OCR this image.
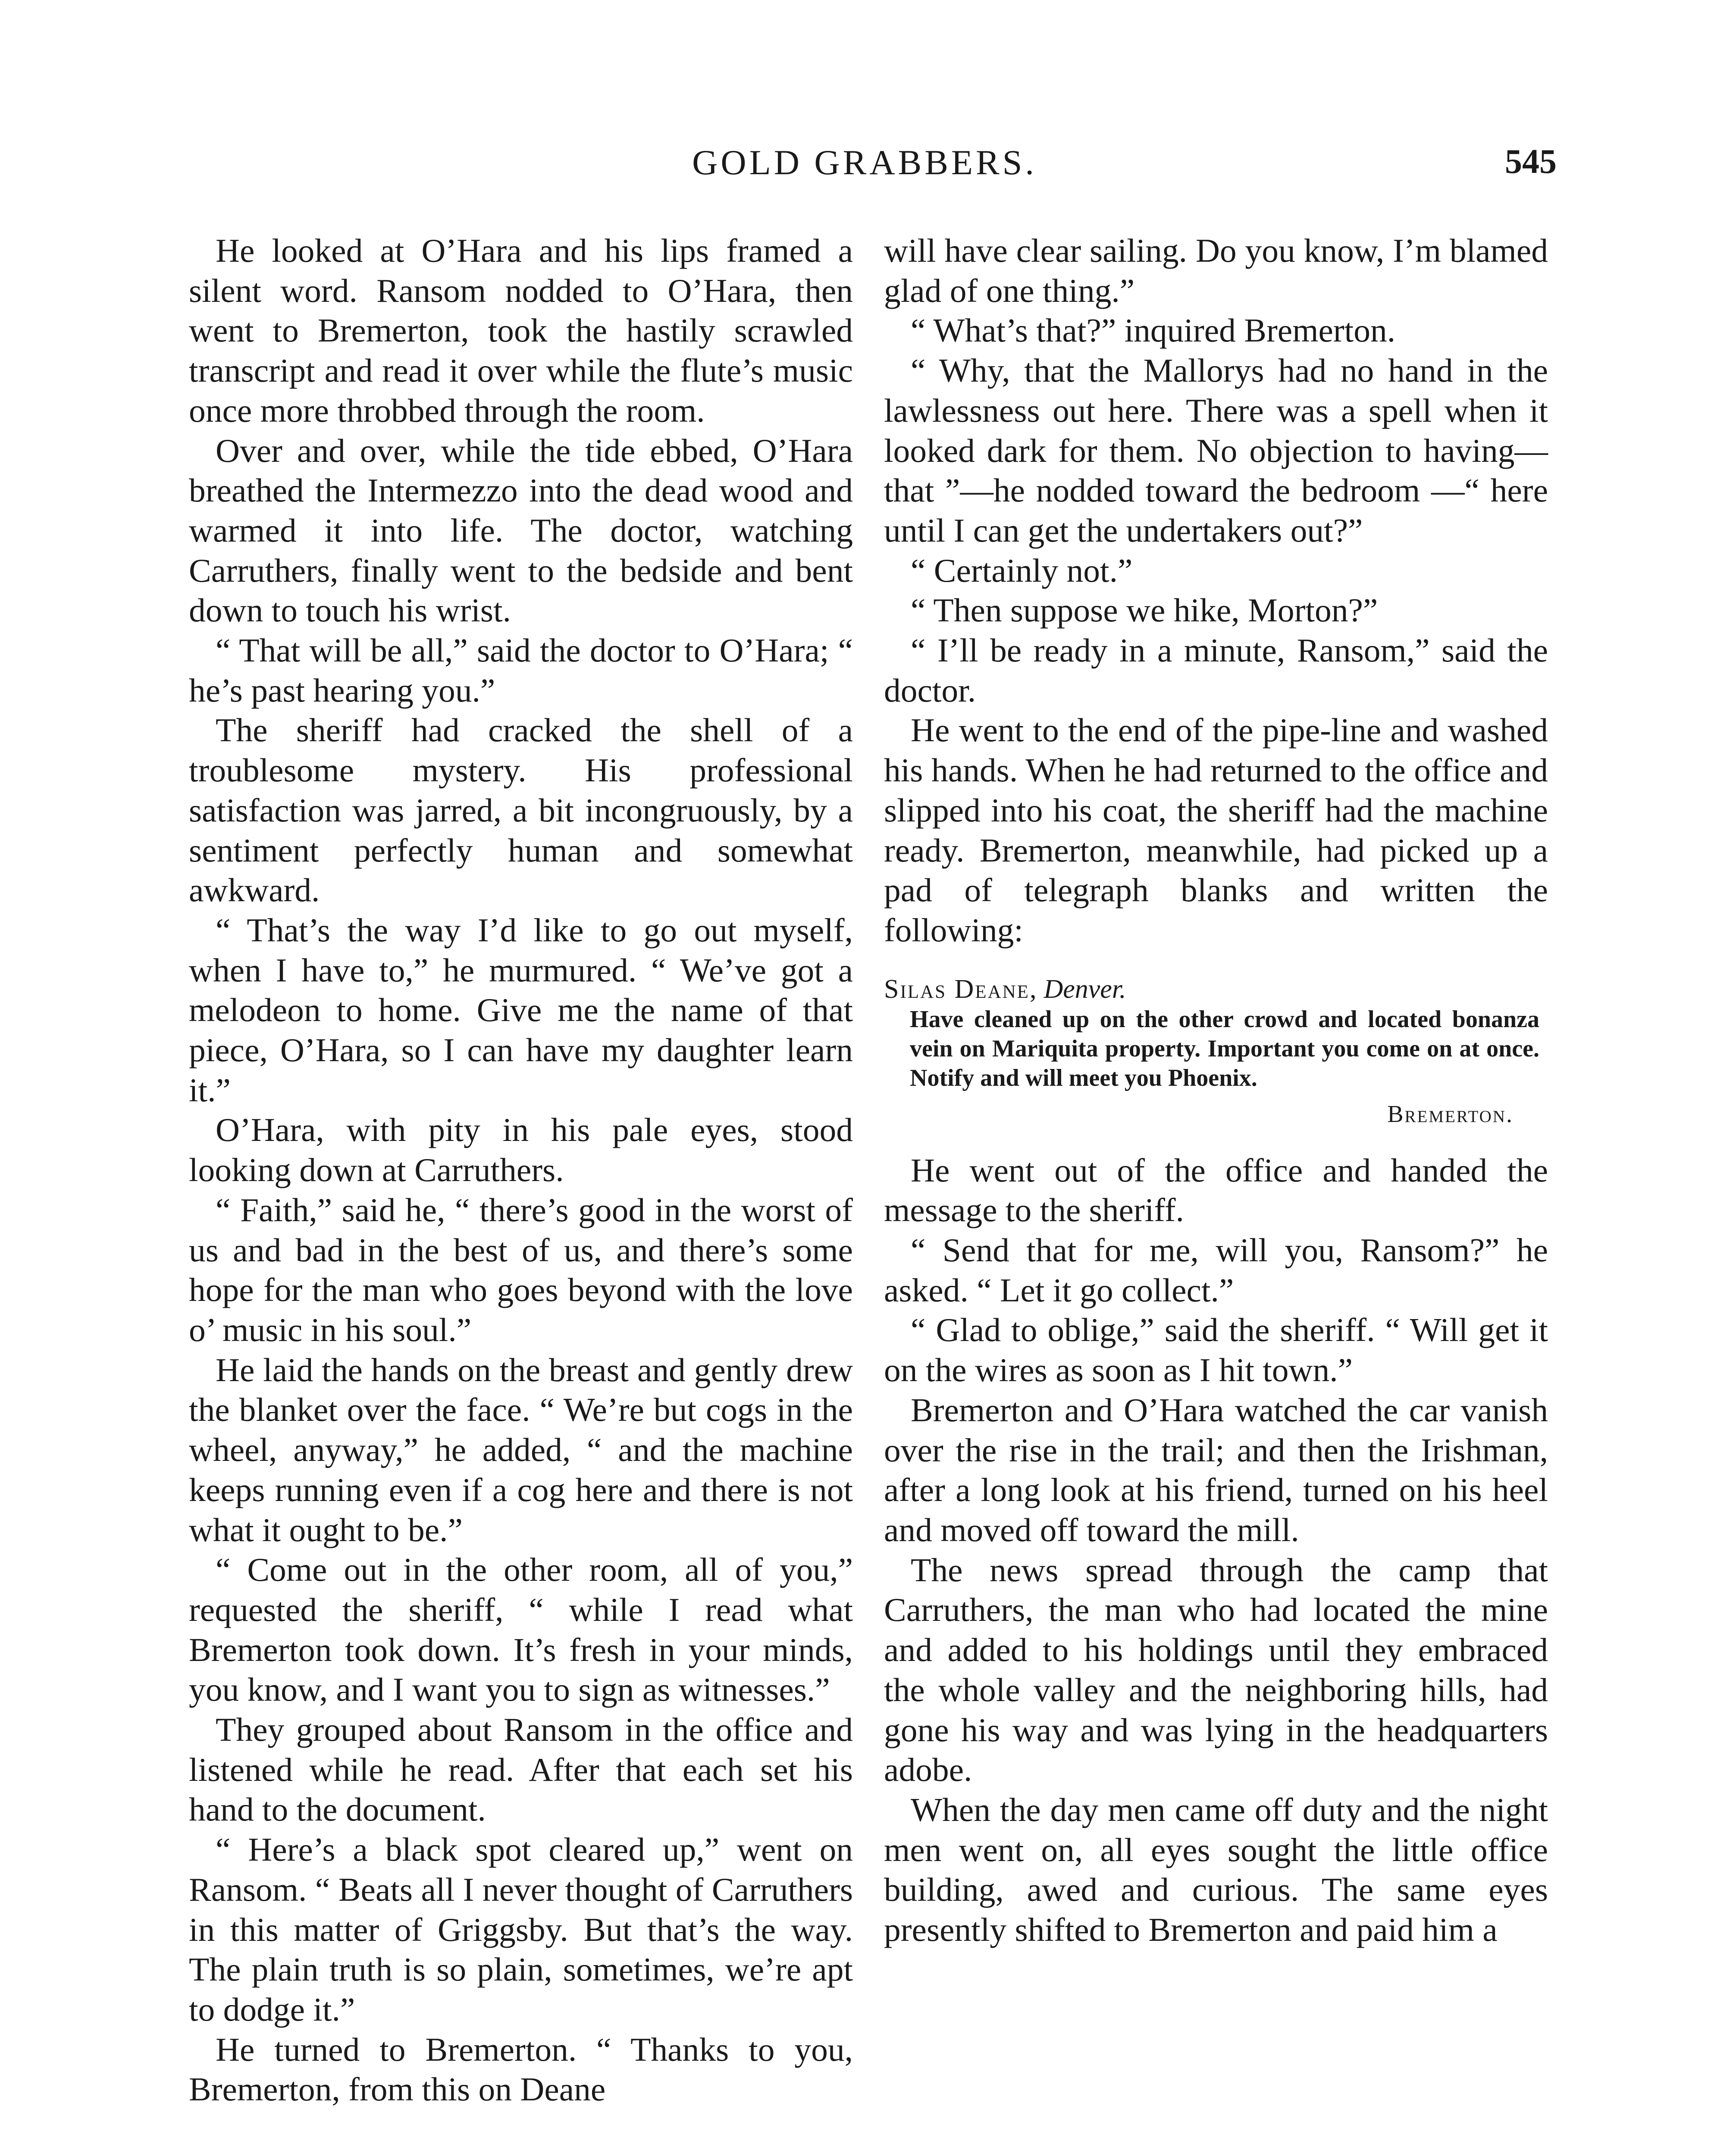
GOLD GRABBERS.	545

He looked at O’Hara and his lips framed a silent word. Ransom nodded to O’Hara, then went to Bremerton, took the hastily scrawled transcript and read it over while the flute’s music once more throbbed through the room.

Over and over, while the tide ebbed, O’Hara breathed the Intermezzo into the dead wood and warmed it into life. The doctor, watching Carruthers, finally went to the bedside and bent down to touch his wrist.

“ That will be all,” said the doctor to O’Hara; “ he’s past hearing you.”

The sheriff had cracked the shell of a troublesome mystery. His professional satisfaction was jarred, a bit incongruously, by a sentiment perfectly human and somewhat awkward.

“ That’s the way I’d like to go out myself, when I have to,” he murmured. “ We’ve got a melodeon to home. Give me the name of that piece, O’Hara, so I can have my daughter learn it.”

O’Hara, with pity in his pale eyes, stood looking down at Carruthers.

“ Faith,” said he, “ there’s good in the worst of us and bad in the best of us, and there’s some hope for the man who goes beyond with the love o’ music in his soul.”

He laid the hands on the breast and gently drew the blanket over the face. “ We’re but cogs in the wheel, anyway,” he added, “ and the machine keeps running even if a cog here and there is not what it ought to be.”

“ Come out in the other room, all of you,” requested the sheriff, “ while I read what Bremerton took down. It’s fresh in your minds, you know, and I want you to sign as witnesses.”

They grouped about Ransom in the office and listened while he read. After that each set his hand to the document.

“ Here’s a black spot cleared up,” went on Ransom. “ Beats all I never thought of Carruthers in this matter of Griggsby. But that’s the way. The plain truth is so plain, sometimes, we’re apt to dodge it.”

He turned to Bremerton. “ Thanks to you, Bremerton, from this on Deane

will have clear sailing. Do you know, I’m blamed glad of one thing.”

“ What’s that?” inquired Bremerton.

“ Why, that the Mallorys had no hand in the lawlessness out here. There was a spell when it looked dark for them. No objection to having— that ”—he nodded toward the bedroom —“ here until I can get the undertakers out?”

“ Certainly not.”

“ Then suppose we hike, Morton?”

“ I’ll be ready in a minute, Ransom,” said the doctor.

He went to the end of the pipe-line and washed his hands. When he had returned to the office and slipped into his coat, the sheriff had the machine ready. Bremerton, meanwhile, had picked up a pad of telegraph blanks and written the following:

Silas Deane, Denver.

Have cleaned up on the other crowd and located bonanza vein on Mariquita property. Important you come on at once. Notify and will meet you Phoenix.

Bremerton.

He went out of the office and handed the message to the sheriff.

“ Send that for me, will you, Ransom?” he asked. “ Let it go collect.”

“ Glad to oblige,” said the sheriff. “ Will get it on the wires as soon as I hit town.”

Bremerton and O’Hara watched the car vanish over the rise in the trail; and then the Irishman, after a long look at his friend, turned on his heel and moved off toward the mill.

The news spread through the camp that Carruthers, the man who had located the mine and added to his holdings until they embraced the whole valley and the neighboring hills, had gone his way and was lying in the headquarters adobe.

When the day men came off duty and the night men went on, all eyes sought the little office building, awed and curious. The same eyes presently shifted to Bremerton and paid him a
